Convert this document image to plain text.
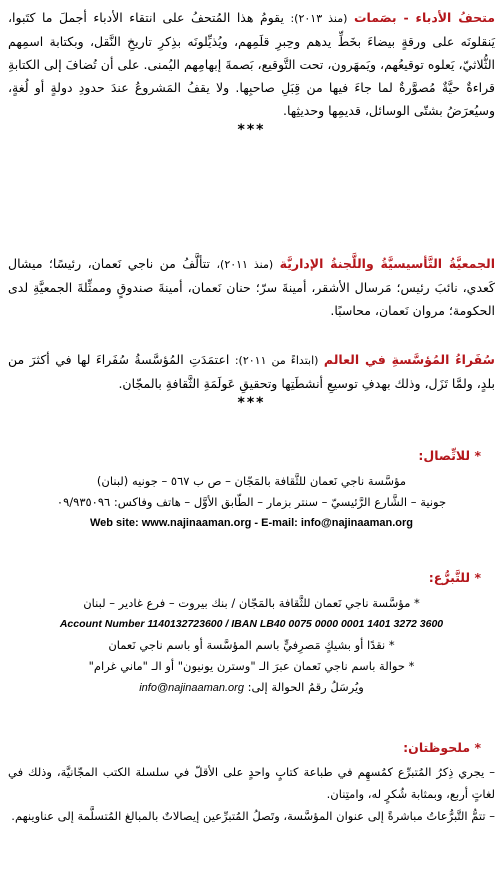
متحفُ الأدباء - بصَمات (منذ ٢٠١٣): يقومُ هذا المُتحفُ على انتقاء الأدباء أجملَ ما كتَبوا، يَنقلونَه على ورقةٍ بيضاءَ بخَطِّ يدهم وحِبرِ قلَمِهم، ويُذيِّلونَه بذِكرِ تاريخِ النَّقل، وبكتابة اسمِهم الثُّلاثيّ، يَعلوه توقيعُهم، ويَمهَرون، تحت التَّوقيع، بَصمةَ إبهامِهم اليُمنى. على أن تُضافَ إلى الكتابةِ قراءةٌ حيَّةٌ مُصوَّرةٌ لما جاءَ فيها من قِبَلِ صاحبِها. ولا يقفُ المَشروعُ عندَ حدودِ دولةٍ أو لُغةٍ، وسيُعرَضُ بشتّى الوسائل، قديمِها وحديثِها.

***

الجمعيَّةُ التَّأسيسيَّةُ واللَّجنةُ الإداريَّة (منذ ٢٠١١)، تتألَّفُ من ناجي نَعمان، رئيسًا؛ ميشال كَعدي، نائبَ رئيس؛ مَرسال الأشقر، أمينةَ سرّ؛ حنان نَعمان، أمينةَ صندوقٍ وممثِّلةَ الجمعيَّةِ لدى الحكومة؛ مروان نَعمان، محاسبًا.

سُفَراءُ المُؤسَّسةِ في العالم (ابتداءً من ٢٠١١): اعتمَدَتِ المُؤسَّسةُ سُفَراءَ لها في أكثرَ من بلدٍ، ولمَّا تَزَل، وذلك بهدفِ توسيعِ أنشطَتِها وتحقيقِ عَولَمَةِ الثَّقافةِ بالمجّان.

***

* للاتِّصال:

مؤسَّسة ناجي نَعمان للثَّقافة بالمَجّان – ص ب ٥٦٧ – جونيه (لبنان)

جونية – الشَّارع الرَّئيسيّ – سنتر بزمار – الطّابق الأوَّل – هاتف وفاكس: ٠٩/٩٣٥٠٩٦

Web site: www.najinaaman.org - E-mail: info@najinaaman.org

* للتَّبرُّع:

* مؤسَّسة ناجي نَعمان للثَّقافة بالمَجّان / بنك بيروت – فرع غادير – لبنان

Account Number 1140132723600 / IBAN LB40 0075 0000 0001 1401 3272 3600

* نقدًا أو بشيكٍ مَصرِفيٍّ باسم المؤسَّسة أو باسم ناجي نَعمان

* حوالة باسم ناجي نَعمان عبرَ الـ "وسترن يونيون" أو الـ "ماني غرام"

ويُرسَلُ رقمُ الحوالة إلى: info@najinaaman.org

* ملحوظتان:

– يجري ذِكرُ المُتبرِّع كمُسهِم في طباعة كتابٍ واحدٍ على الأقلّ في سلسلة الكتب المجّانيَّة، وذلك في لغاتٍ أربع، وبمثابة شُكرٍ له، وامتِنان.

– تتمُّ التَّبرُّعاتُ مباشرةً إلى عنوان المؤسَّسة، وتَصلُ المُتبرِّعين إيصالاتٌ بالمبالغ المُتسلَّمة إلى عناوينهم.
